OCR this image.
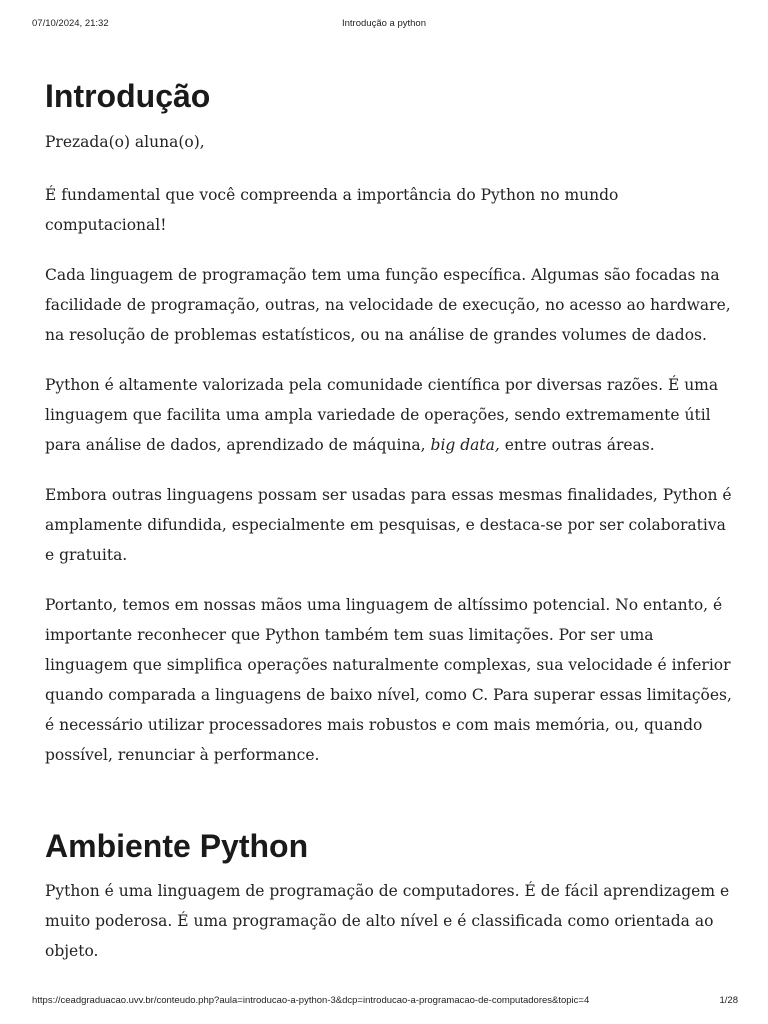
07/10/2024, 21:32	Introdução a python
Introdução

Prezada(o) aluna(o),

É fundamental que você compreenda a importância do Python no mundo computacional!

Cada linguagem de programação tem uma função específica. Algumas são focadas na facilidade de programação, outras, na velocidade de execução, no acesso ao hardware, na resolução de problemas estatísticos, ou na análise de grandes volumes de dados.

Python é altamente valorizada pela comunidade científica por diversas razões. É uma linguagem que facilita uma ampla variedade de operações, sendo extremamente útil para análise de dados, aprendizado de máquina, big data, entre outras áreas.

Embora outras linguagens possam ser usadas para essas mesmas finalidades, Python é amplamente difundida, especialmente em pesquisas, e destaca-se por ser colaborativa e gratuita.

Portanto, temos em nossas mãos uma linguagem de altíssimo potencial. No entanto, é importante reconhecer que Python também tem suas limitações. Por ser uma linguagem que simplifica operações naturalmente complexas, sua velocidade é inferior quando comparada a linguagens de baixo nível, como C. Para superar essas limitações, é necessário utilizar processadores mais robustos e com mais memória, ou, quando possível, renunciar à performance.

Ambiente Python

Python é uma linguagem de programação de computadores. É de fácil aprendizagem e muito poderosa. É uma programação de alto nível e é classificada como orientada ao objeto.

https://ceadgraduacao.uvv.br/conteudo.php?aula=introducao-a-python-3&dcp=introducao-a-programacao-de-computadores&topic=4	1/28
